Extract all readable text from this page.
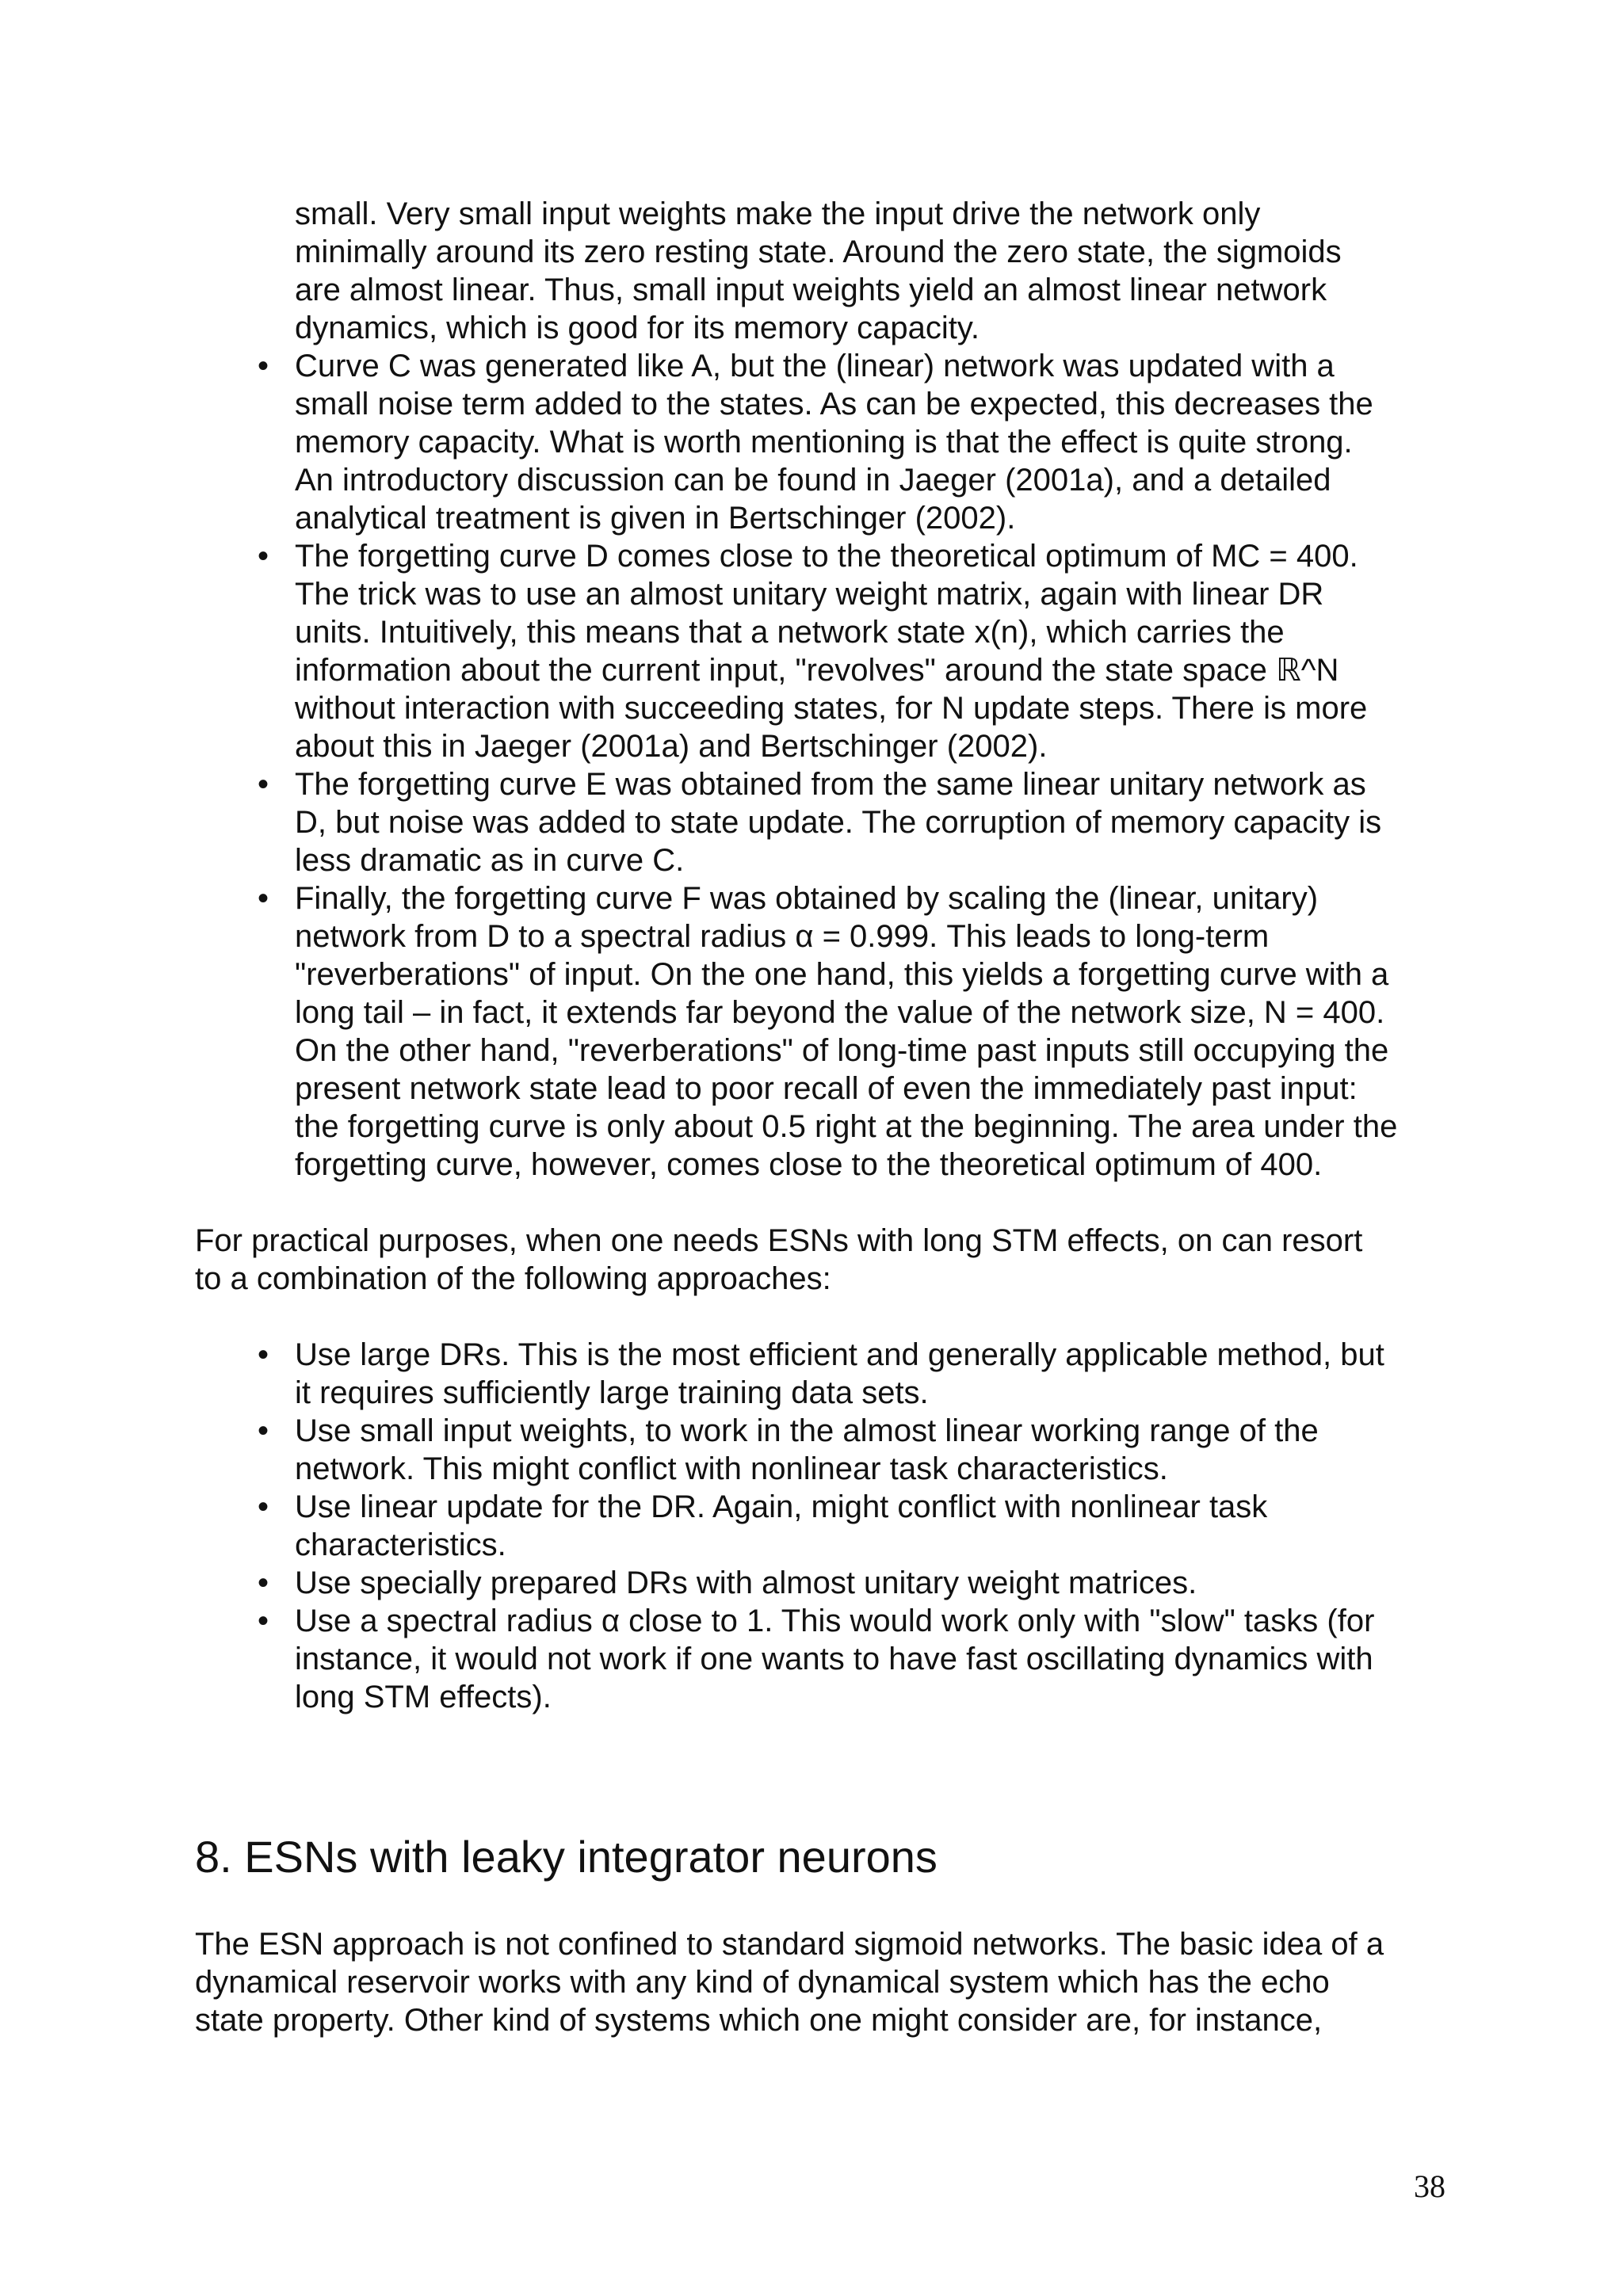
small. Very small input weights make the input drive the network only
minimally around its zero resting state. Around the zero state, the sigmoids
are almost linear. Thus, small input weights yield an almost linear network
dynamics, which is good for its memory capacity.
• Curve C was generated like A, but the (linear) network was updated with a
small noise term added to the states. As can be expected, this decreases the
memory capacity. What is worth mentioning is that the effect is quite strong.
An introductory discussion can be found in Jaeger (2001a), and a detailed
analytical treatment is given in Bertschinger (2002).
• The forgetting curve D comes close to the theoretical optimum of MC = 400.
The trick was to use an almost unitary weight matrix, again with linear DR
units. Intuitively, this means that a network state x(n), which carries the
information about the current input, "revolves" around the state space ℝ^N
without interaction with succeeding states, for N update steps. There is more
about this in Jaeger (2001a) and Bertschinger (2002).
• The forgetting curve E was obtained from the same linear unitary network as
D, but noise was added to state update. The corruption of memory capacity is
less dramatic as in curve C.
• Finally, the forgetting curve F was obtained by scaling the (linear, unitary)
network from D to a spectral radius α = 0.999. This leads to long-term
"reverberations" of input. On the one hand, this yields a forgetting curve with a
long tail – in fact, it extends far beyond the value of the network size, N = 400.
On the other hand, "reverberations" of long-time past inputs still occupying the
present network state lead to poor recall of even the immediately past input:
the forgetting curve is only about 0.5 right at the beginning. The area under the
forgetting curve, however, comes close to the theoretical optimum of 400.
For practical purposes, when one needs ESNs with long STM effects, on can resort
to a combination of the following approaches:
• Use large DRs. This is the most efficient and generally applicable method, but
it requires sufficiently large training data sets.
• Use small input weights, to work in the almost linear working range of the
network. This might conflict with nonlinear task characteristics.
• Use linear update for the DR. Again, might conflict with nonlinear task
characteristics.
• Use specially prepared DRs with almost unitary weight matrices.
• Use a spectral radius α close to 1. This would work only with "slow" tasks (for
instance, it would not work if one wants to have fast oscillating dynamics with
long STM effects).
8. ESNs with leaky integrator neurons
The ESN approach is not confined to standard sigmoid networks. The basic idea of a
dynamical reservoir works with any kind of dynamical system which has the echo
state property. Other kind of systems which one might consider are, for instance,
38
